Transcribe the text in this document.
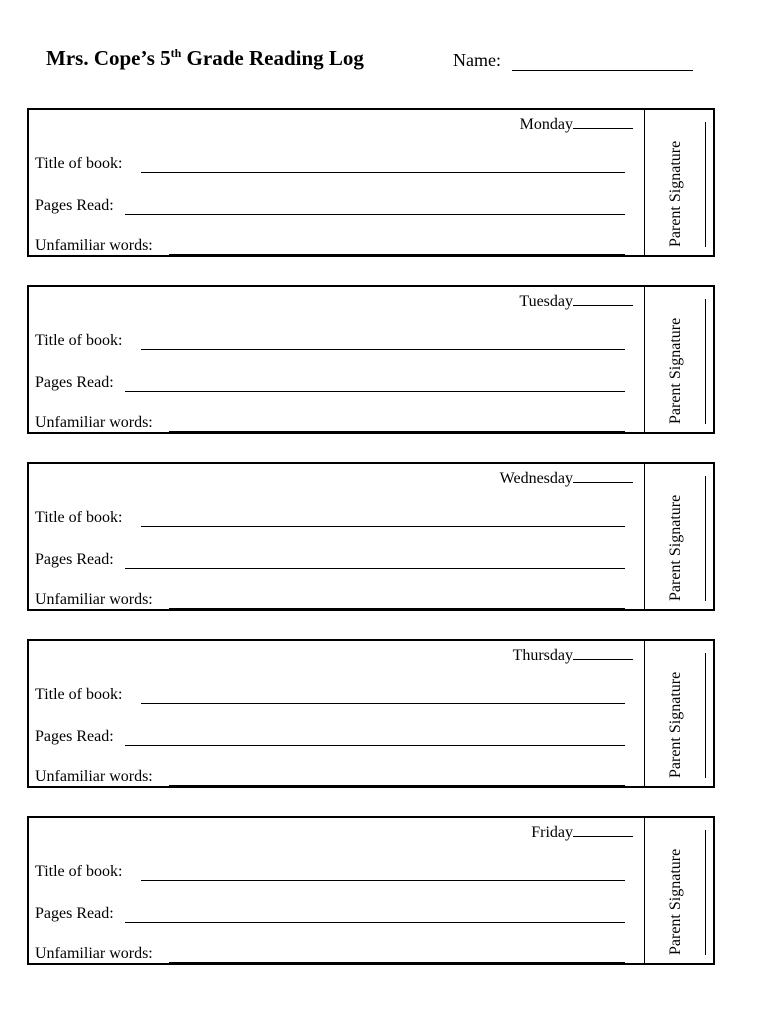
Mrs. Cope’s 5th Grade Reading Log	Name:
Monday
Title of book:
Pages Read:
Unfamiliar words:	Parent Signature
Tuesday
Title of book:
Pages Read:
Unfamiliar words:	Parent Signature
Wednesday
Title of book:
Pages Read:
Unfamiliar words:	Parent Signature
Thursday
Title of book:
Pages Read:
Unfamiliar words:	Parent Signature
Friday
Title of book:
Pages Read:
Unfamiliar words:	Parent Signature
